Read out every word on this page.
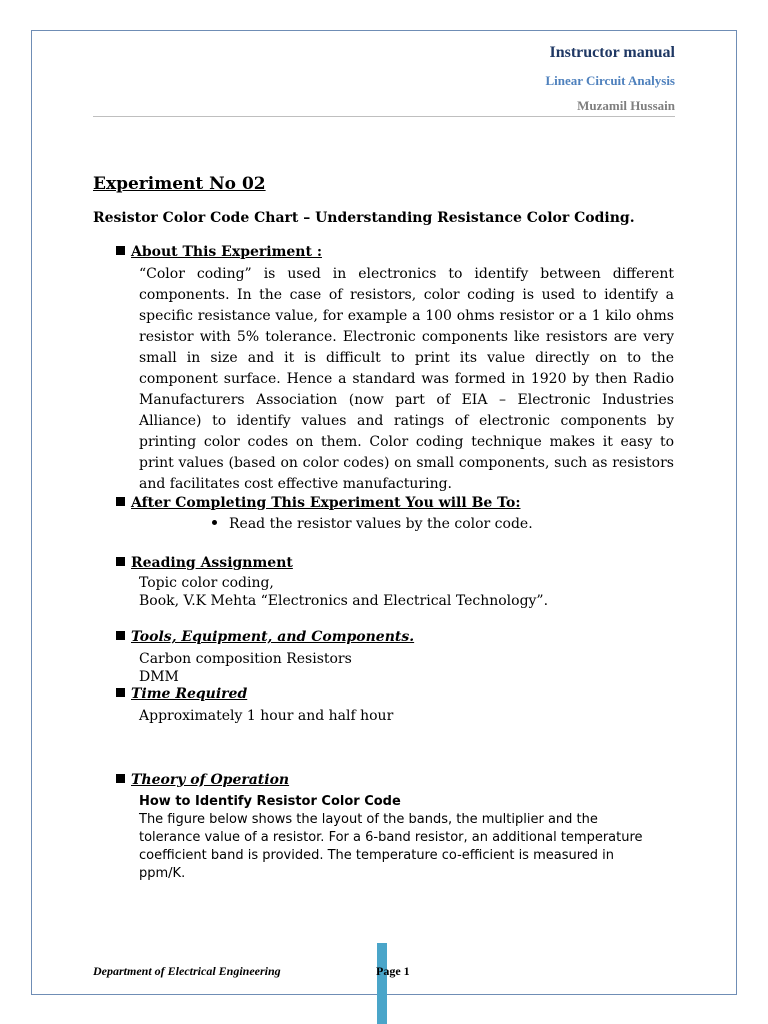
Instructor manual
Linear Circuit Analysis
Muzamil Hussain
Experiment No 02
Resistor Color Code Chart – Understanding Resistance Color Coding.
About This Experiment :
“Color coding” is used in electronics to identify between different components. In the case of resistors, color coding is used to identify a specific resistance value, for example a 100 ohms resistor or a 1 kilo ohms resistor with 5% tolerance. Electronic components like resistors are very small in size and it is difficult to print its value directly on to the component surface. Hence a standard was formed in 1920 by then Radio Manufacturers Association (now part of EIA – Electronic Industries Alliance) to identify values and ratings of electronic components by printing color codes on them. Color coding technique makes it easy to print values (based on color codes) on small components, such as resistors and facilitates cost effective manufacturing.
After Completing This Experiment You will Be To:
Read the resistor values by the color code.
Reading Assignment
Topic color coding,
Book, V.K Mehta “Electronics and Electrical Technology”.
Tools, Equipment, and Components.
Carbon composition Resistors
DMM
Time Required
Approximately 1 hour and half hour
Theory of Operation
How to Identify Resistor Color Code
The figure below shows the layout of the bands, the multiplier and the
tolerance value of a resistor. For a 6-band resistor, an additional temperature
coefficient band is provided. The temperature co-efficient is measured in
ppm/K.
Department of Electrical Engineering	Page 1
